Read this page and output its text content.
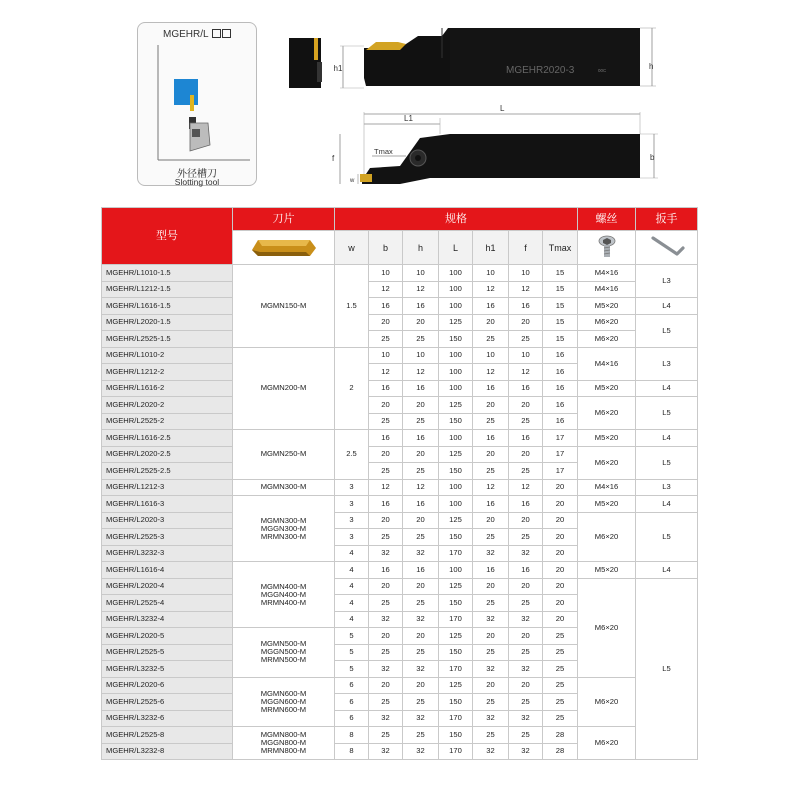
MGEHR/L
外径槽刀
Slotting tool
h1	MGEHR2020-3	00C	h
L
L1
Tmax
f
w
b
型号	刀片	规格							螺丝	扳手
	w	b	h	L	h1	f	Tmax		
MGEHR/L1010-1.5	MGMN150-M	1.5	10	10	100	10	10	15	M4×16	L3
MGEHR/L1212-1.5			12	12	100	12	12	15	M4×16	
MGEHR/L1616-1.5			16	16	100	16	16	15	M5×20	L4
MGEHR/L2020-1.5			20	20	125	20	20	15	M6×20	L5
MGEHR/L2525-1.5			25	25	150	25	25	15	M6×20	
MGEHR/L1010-2	MGMN200-M	2	10	10	100	10	10	16	M4×16	L3
MGEHR/L1212-2			12	12	100	12	12	16		
MGEHR/L1616-2			16	16	100	16	16	16	M5×20	L4
MGEHR/L2020-2			20	20	125	20	20	16	M6×20	L5
MGEHR/L2525-2			25	25	150	25	25	16		
MGEHR/L1616-2.5	MGMN250-M	2.5	16	16	100	16	16	17	M5×20	L4
MGEHR/L2020-2.5			20	20	125	20	20	17	M6×20	L5
MGEHR/L2525-2.5			25	25	150	25	25	17		
MGEHR/L1212-3	MGMN300-M	3	12	12	100	12	12	20	M4×16	L3
MGEHR/L1616-3	MGMN300-M
MGGN300-M
MRMN300-M	3	16	16	100	16	16	20	M5×20	L4
MGEHR/L2020-3		3	20	20	125	20	20	20	M6×20	L5
MGEHR/L2525-3		3	25	25	150	25	25	20		
MGEHR/L3232-3		4	32	32	170	32	32	20		
MGEHR/L1616-4	MGMN400-M
MGGN400-M
MRMN400-M	4	16	16	100	16	16	20	M5×20	L4
MGEHR/L2020-4		4	20	20	125	20	20	20	M6×20	L5
MGEHR/L2525-4		4	25	25	150	25	25	20		
MGEHR/L3232-4		4	32	32	170	32	32	20		
MGEHR/L2020-5	MGMN500-M
MGGN500-M
MRMN500-M	5	20	20	125	20	20	25		
MGEHR/L2525-5		5	25	25	150	25	25	25		
MGEHR/L3232-5		5	32	32	170	32	32	25		
MGEHR/L2020-6	MGMN600-M
MGGN600-M
MRMN600-M	6	20	20	125	20	20	25	M6×20	
MGEHR/L2525-6		6	25	25	150	25	25	25		
MGEHR/L3232-6		6	32	32	170	32	32	25		
MGEHR/L2525-8	MGMN800-M
MGGN800-M
MRMN800-M	8	25	25	150	25	25	28	M6×20	
MGEHR/L3232-8		8	32	32	170	32	32	28		
